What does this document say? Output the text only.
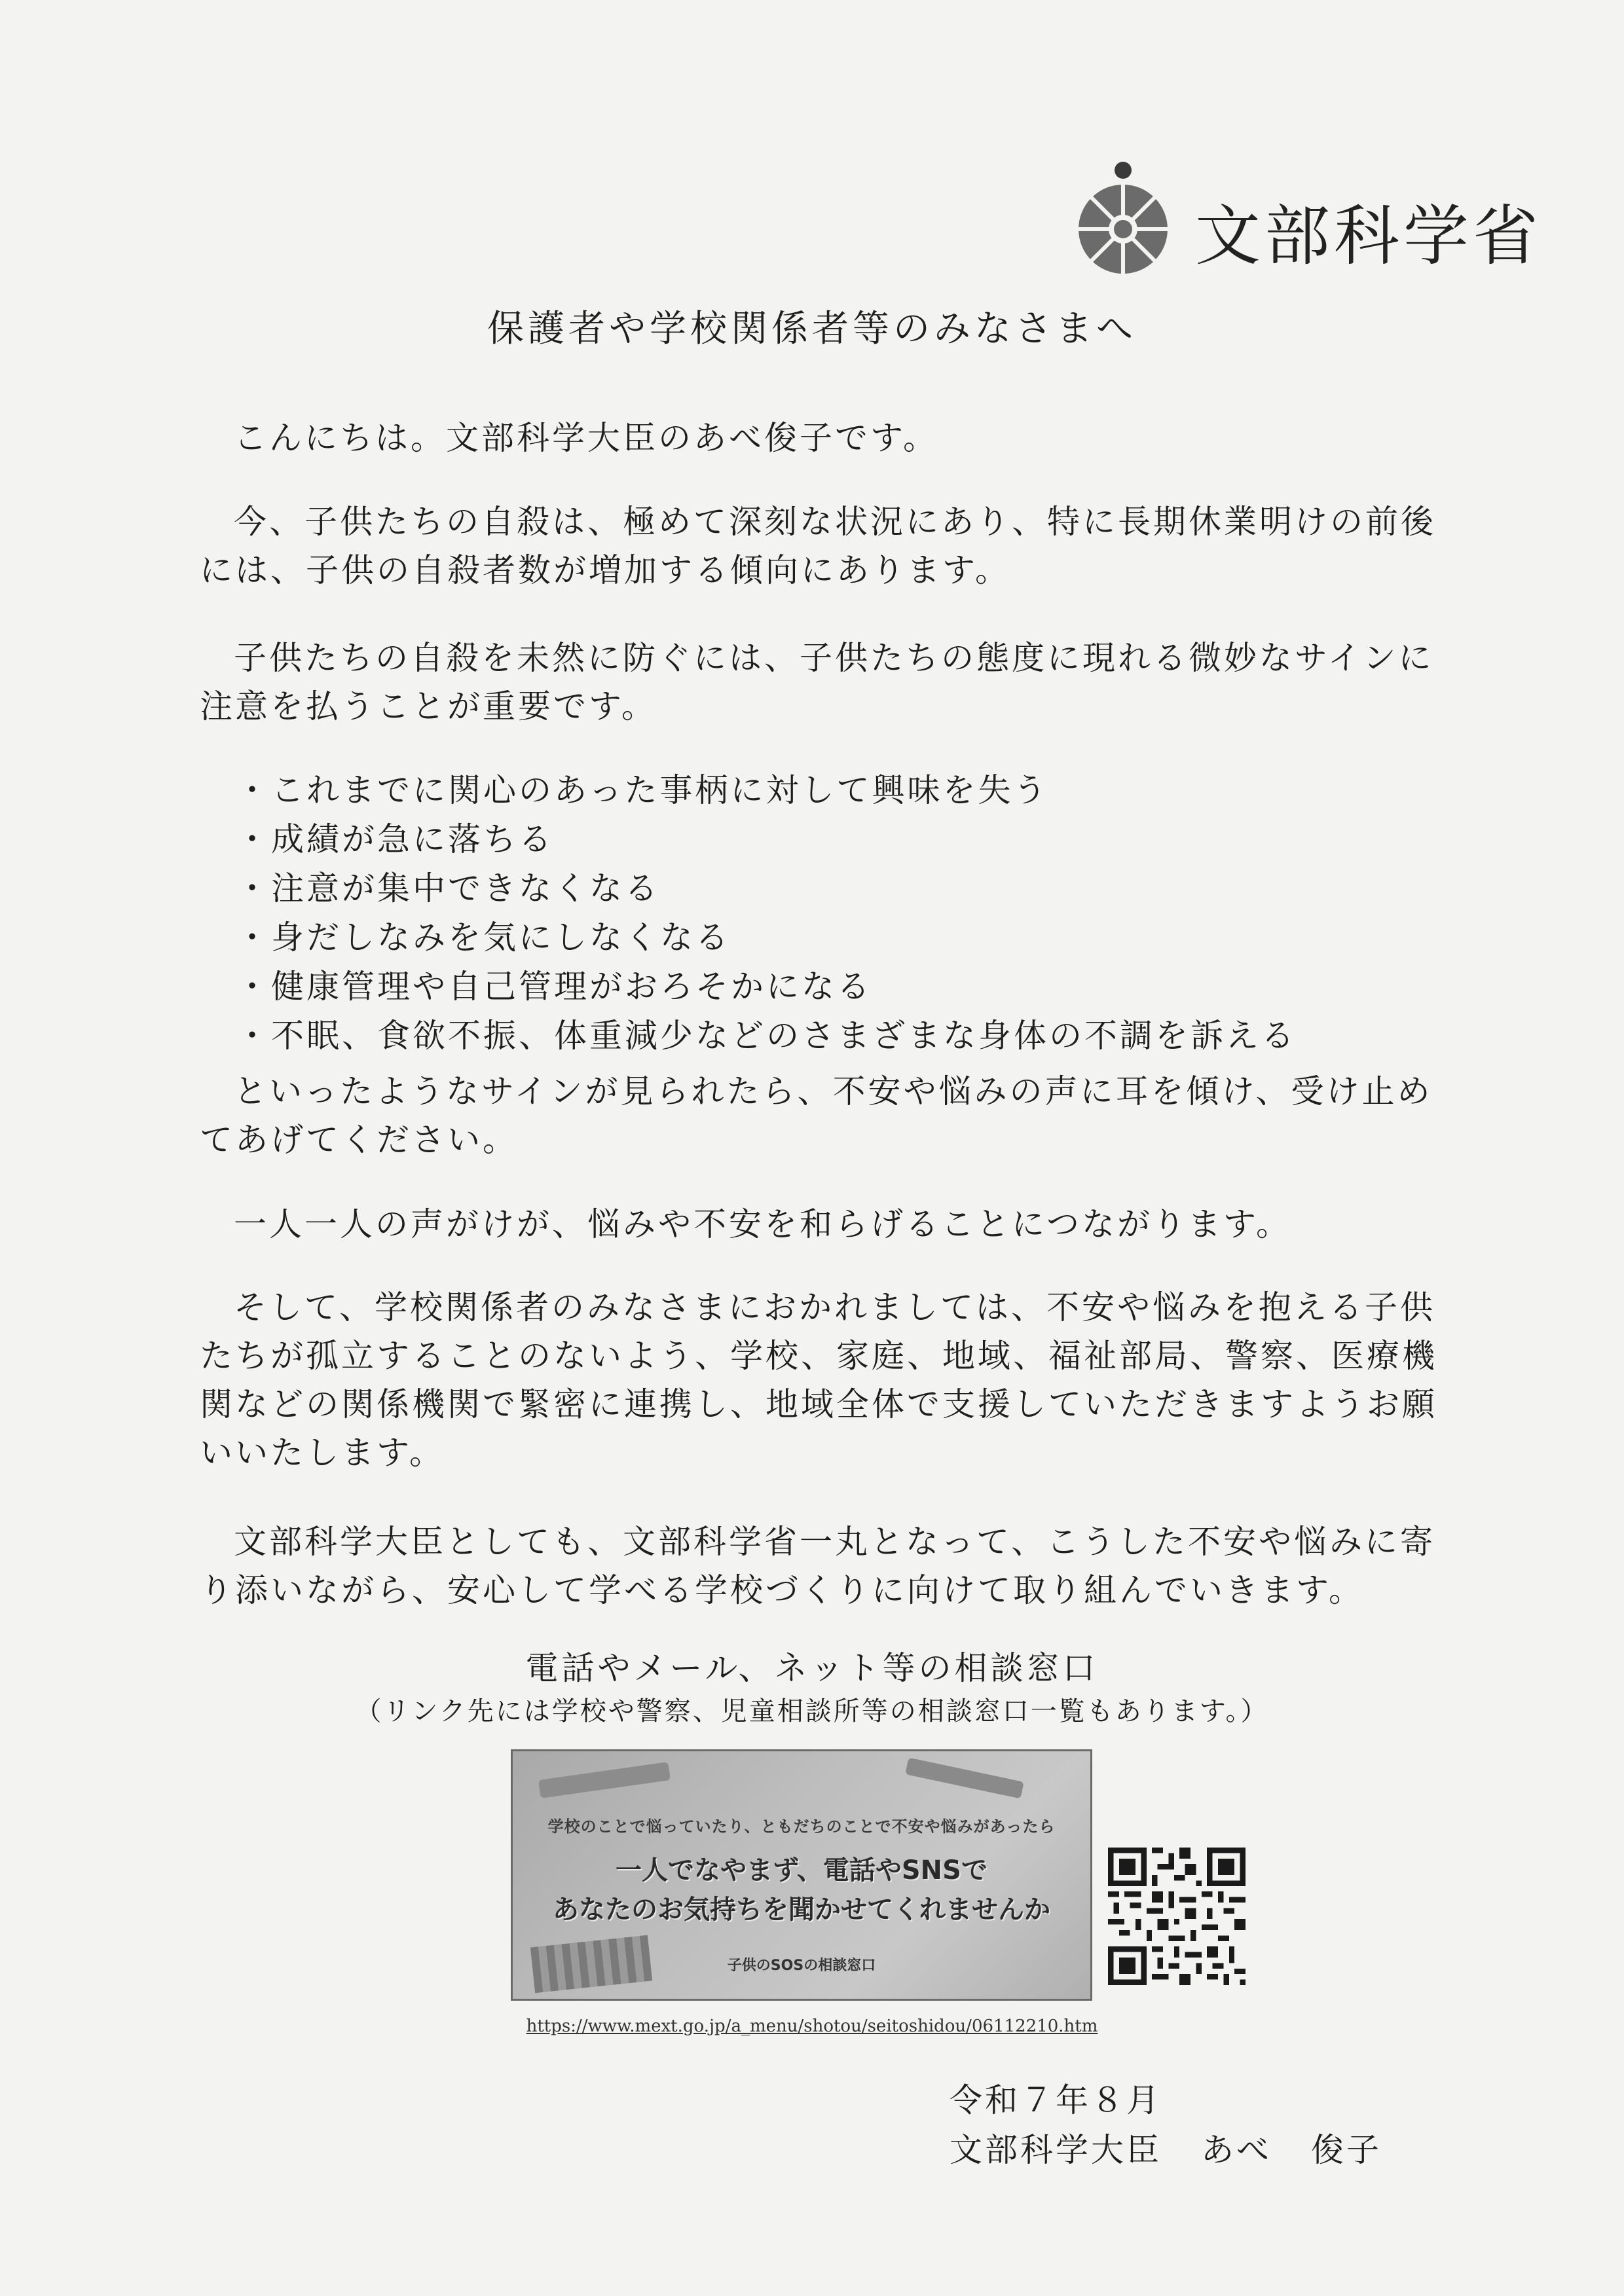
文部科学省
保護者や学校関係者等のみなさまへ
こんにちは。文部科学大臣のあべ俊子です。
今、子供たちの自殺は、極めて深刻な状況にあり、特に長期休業明けの前後には、子供の自殺者数が増加する傾向にあります。
子供たちの自殺を未然に防ぐには、子供たちの態度に現れる微妙なサインに注意を払うことが重要です。
・これまでに関心のあった事柄に対して興味を失う
・成績が急に落ちる
・注意が集中できなくなる
・身だしなみを気にしなくなる
・健康管理や自己管理がおろそかになる
・不眠、食欲不振、体重減少などのさまざまな身体の不調を訴える
といったようなサインが見られたら、不安や悩みの声に耳を傾け、受け止めてあげてください。
一人一人の声がけが、悩みや不安を和らげることにつながります。
そして、学校関係者のみなさまにおかれましては、不安や悩みを抱える子供たちが孤立することのないよう、学校、家庭、地域、福祉部局、警察、医療機関などの関係機関で緊密に連携し、地域全体で支援していただきますようお願いいたします。
文部科学大臣としても、文部科学省一丸となって、こうした不安や悩みに寄り添いながら、安心して学べる学校づくりに向けて取り組んでいきます。
電話やメール、ネット等の相談窓口
（リンク先には学校や警察、児童相談所等の相談窓口一覧もあります。）
学校のことで悩っていたり、ともだちのことで不安や悩みがあったら
一人でなやまず、電話やSNSで
あなたのお気持ちを聞かせてくれませんか
子供のSOSの相談窓口
https://www.mext.go.jp/a_menu/shotou/seitoshidou/06112210.htm
令和７年８月
文部科学大臣 あべ 俊子
